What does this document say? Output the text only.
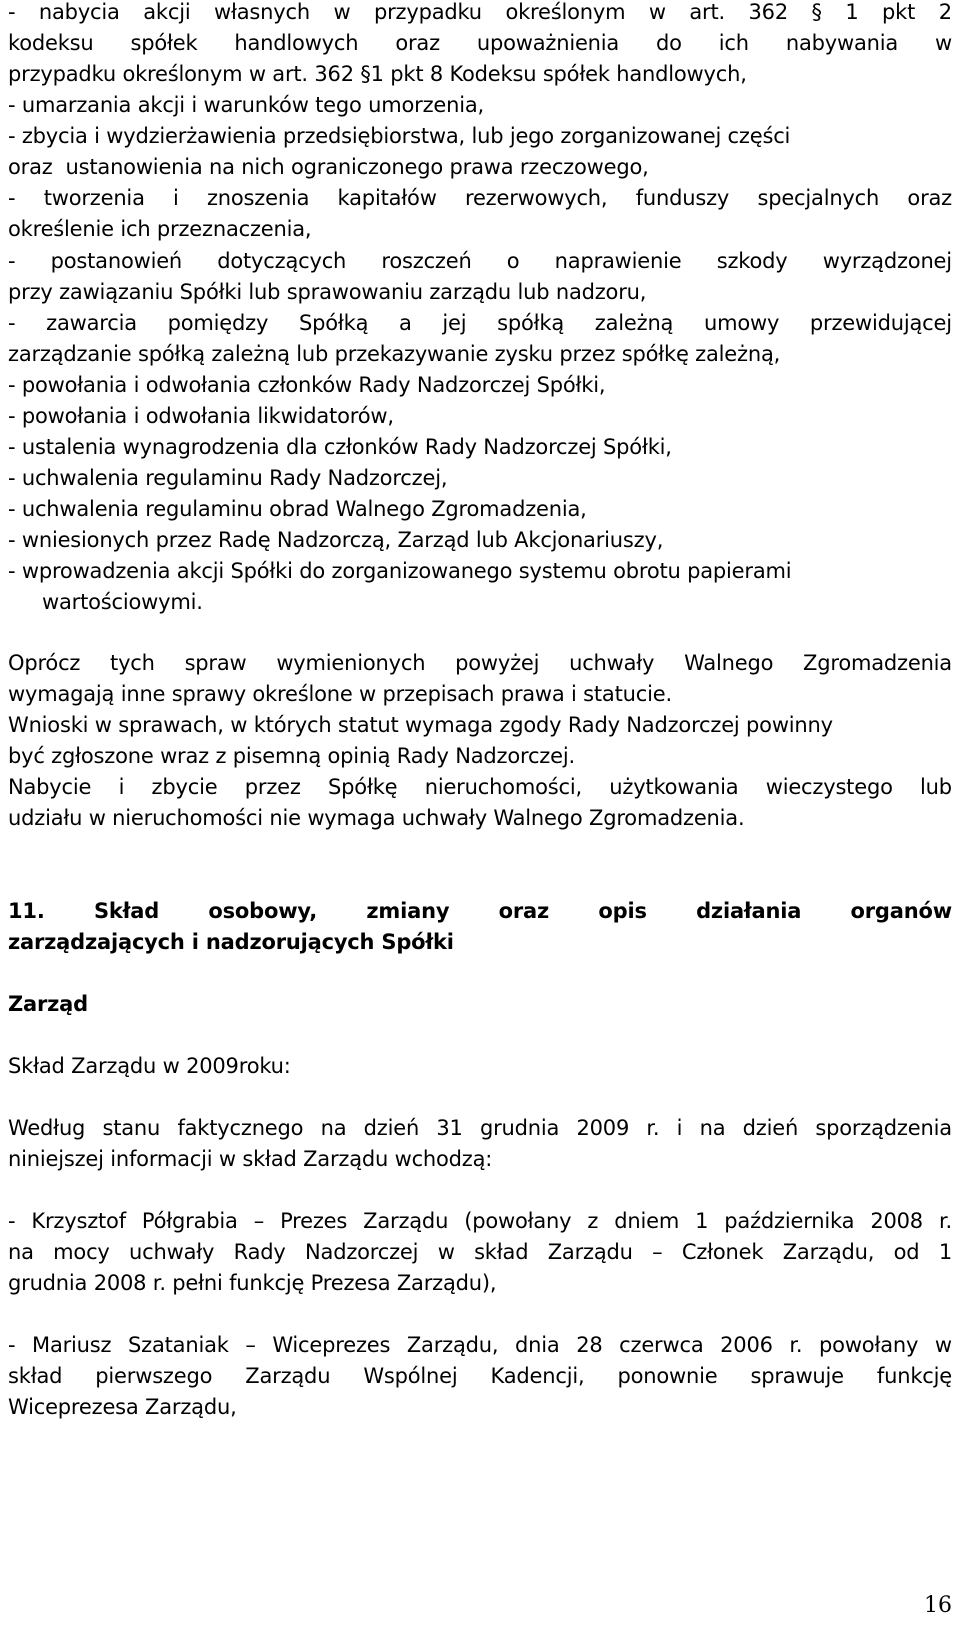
- nabycia akcji własnych w przypadku określonym w art. 362 § 1 pkt 2
kodeksu spółek handlowych oraz upoważnienia do ich nabywania w
przypadku określonym w art. 362 §1 pkt 8 Kodeksu spółek handlowych,
- umarzania akcji i warunków tego umorzenia,
- zbycia i wydzierżawienia przedsiębiorstwa, lub jego zorganizowanej części
oraz  ustanowienia na nich ograniczonego prawa rzeczowego,
- tworzenia i znoszenia kapitałów rezerwowych, funduszy specjalnych oraz
określenie ich przeznaczenia,
- postanowień dotyczących roszczeń o naprawienie szkody wyrządzonej
przy zawiązaniu Spółki lub sprawowaniu zarządu lub nadzoru,
- zawarcia pomiędzy Spółką a jej spółką zależną umowy przewidującej
zarządzanie spółką zależną lub przekazywanie zysku przez spółkę zależną,
- powołania i odwołania członków Rady Nadzorczej Spółki,
- powołania i odwołania likwidatorów,
- ustalenia wynagrodzenia dla członków Rady Nadzorczej Spółki,
- uchwalenia regulaminu Rady Nadzorczej,
- uchwalenia regulaminu obrad Walnego Zgromadzenia,
- wniesionych przez Radę Nadzorczą, Zarząd lub Akcjonariuszy,
- wprowadzenia akcji Spółki do zorganizowanego systemu obrotu papierami
wartościowymi.
Oprócz tych spraw wymienionych powyżej uchwały Walnego Zgromadzenia
wymagają inne sprawy określone w przepisach prawa i statucie.
Wnioski w sprawach, w których statut wymaga zgody Rady Nadzorczej powinny
być zgłoszone wraz z pisemną opinią Rady Nadzorczej.
Nabycie i zbycie przez Spółkę nieruchomości, użytkowania wieczystego lub
udziału w nieruchomości nie wymaga uchwały Walnego Zgromadzenia.
11. Skład osobowy, zmiany oraz opis działania organów
zarządzających i nadzorujących Spółki
Zarząd
Skład Zarządu w 2009roku:
Według stanu faktycznego na dzień 31 grudnia 2009 r. i na dzień sporządzenia
niniejszej informacji w skład Zarządu wchodzą:
- Krzysztof Półgrabia – Prezes Zarządu (powołany z dniem 1 października 2008 r.
na mocy uchwały Rady Nadzorczej w skład Zarządu – Członek Zarządu, od 1
grudnia 2008 r. pełni funkcję Prezesa Zarządu),
- Mariusz Szataniak – Wiceprezes Zarządu, dnia 28 czerwca 2006 r. powołany w
skład pierwszego Zarządu Wspólnej Kadencji, ponownie sprawuje funkcję
Wiceprezesa Zarządu,
16
